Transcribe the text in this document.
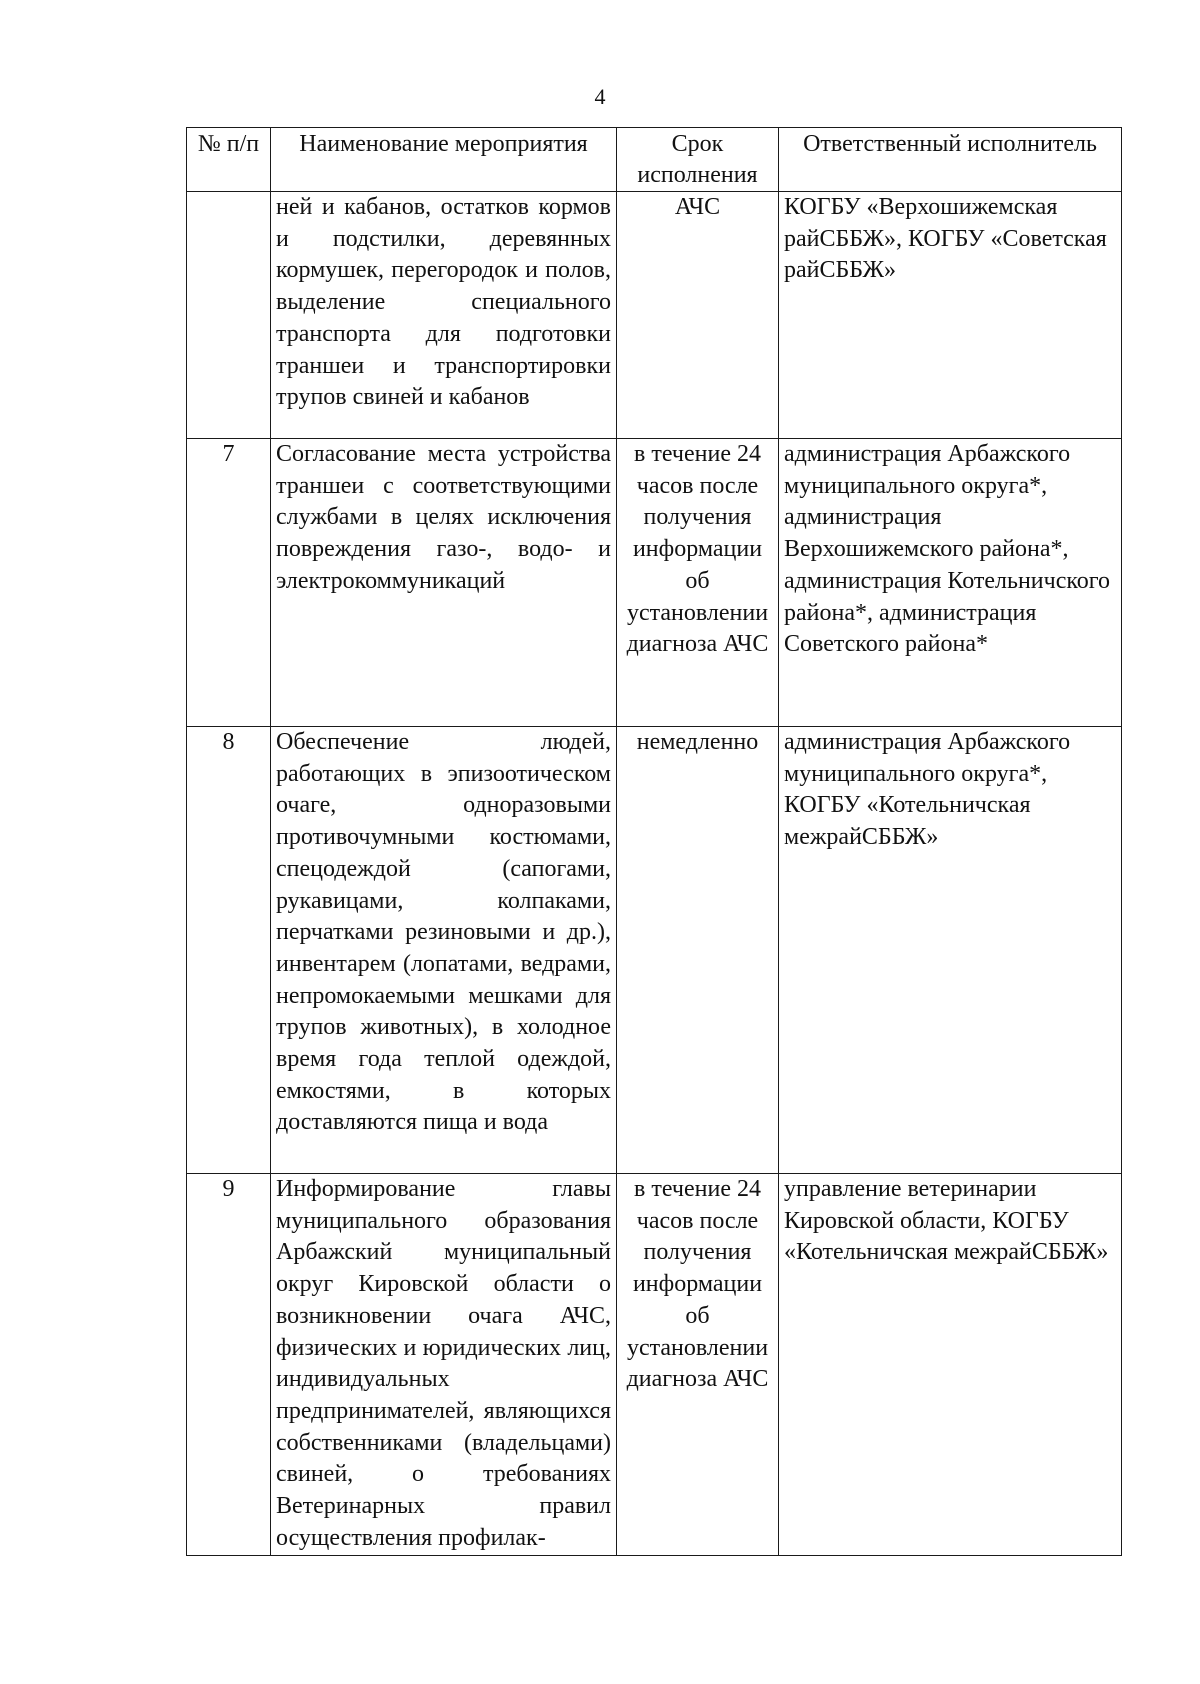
4
№ п/п	Наименование мероприятия	Срок исполнения	Ответственный исполнитель
	ней и кабанов, остатков кормов и подстилки, деревянных кормушек, перегородок и полов, выделение специального транспорта для подготовки траншеи и транспортировки трупов свиней и кабанов	АЧС	КОГБУ «Верхошижемская райСББЖ», КОГБУ «Советская райСББЖ»
7	Согласование места устройства траншеи с соответствующими службами в целях исключения повреждения газо-, водо- и электрокоммуникаций	в течение 24 часов после получения информации об установлении диагноза АЧС	администрация Арбажского муниципального округа*, администрация Верхошижемского района*, администрация Котельничского района*, администрация Советского района*
8	Обеспечение людей, работающих в эпизоотическом очаге, одноразовыми противочумными костюмами, спецодеждой (сапогами, рукавицами, колпаками, перчатками резиновыми и др.), инвентарем (лопатами, ведрами, непромокаемыми мешками для трупов животных), в холодное время года теплой одеждой, емкостями, в которых доставляются пища и вода	немедленно	администрация Арбажского муниципального округа*, КОГБУ «Котельничская межрайСББЖ»
9	Информирование главы муниципального образования Арбажский муниципальный округ Кировской области о возникновении очага АЧС, физических и юридических лиц, индивидуальных предпринимателей, являющихся собственниками (владельцами) свиней, о требованиях Ветеринарных правил осуществления профилак-	в течение 24 часов после получения информации об установлении диагноза АЧС	управление ветеринарии Кировской области, КОГБУ «Котельничская межрайСББЖ»
